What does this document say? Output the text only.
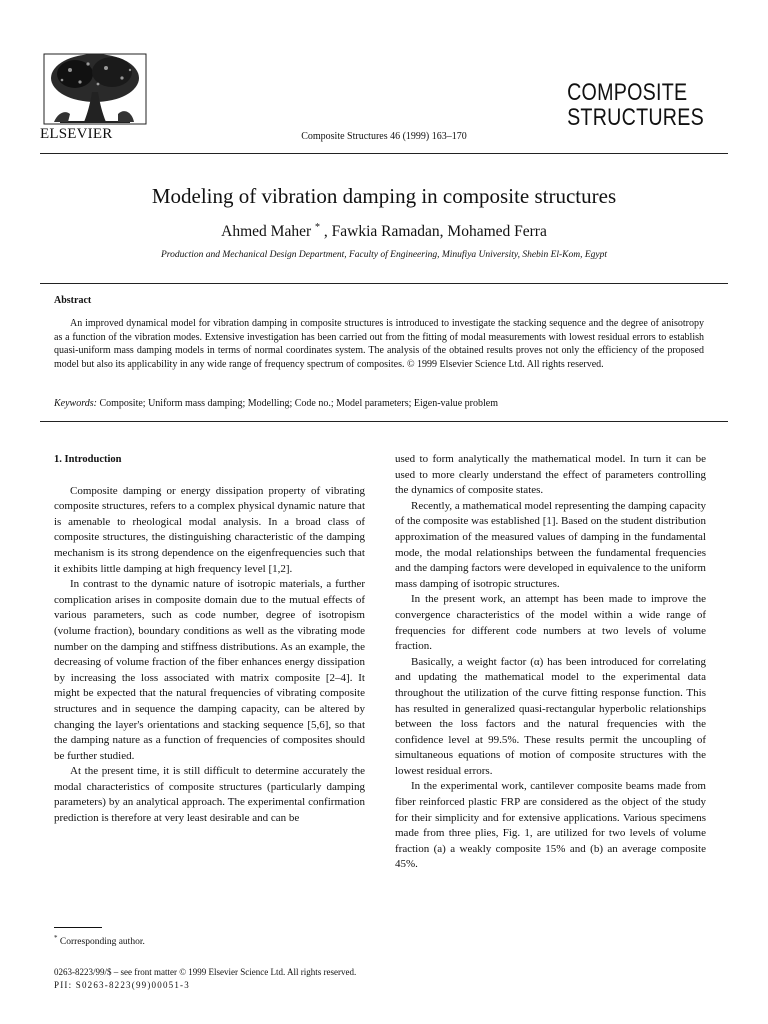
ELSEVIER	Composite Structures 46 (1999) 163–170
COMPOSITE
STRUCTURES
Modeling of vibration damping in composite structures
Ahmed Maher * , Fawkia Ramadan, Mohamed Ferra
Production and Mechanical Design Department, Faculty of Engineering, Minufiya University, Shebin El-Kom, Egypt
Abstract
An improved dynamical model for vibration damping in composite structures is introduced to investigate the stacking sequence and the degree of anisotropy as a function of the vibration modes. Extensive investigation has been carried out from the fitting of modal measurements with lowest residual errors to establish quasi-uniform mass damping models in terms of normal coordinates system. The analysis of the obtained results proves not only the efficiency of the proposed model but also its applicability in any wide range of frequency spectrum of composites. © 1999 Elsevier Science Ltd. All rights reserved.
Keywords: Composite; Uniform mass damping; Modelling; Code no.; Model parameters; Eigen-value problem

1. Introduction

Composite damping or energy dissipation property of vibrating composite structures, refers to a complex physical dynamic nature that is amenable to rheological modal analysis. In a broad class of composite structures, the distinguishing characteristic of the damping mechanism is its strong dependence on the eigenfrequencies such that it exhibits little damping at high frequency level [1,2].

In contrast to the dynamic nature of isotropic materials, a further complication arises in composite domain due to the mutual effects of various parameters, such as code number, degree of isotropism (volume fraction), boundary conditions as well as the vibrating mode number on the damping and stiffness distributions. As an example, the decreasing of volume fraction of the fiber enhances energy dissipation by increasing the loss associated with matrix composite [2–4]. It might be expected that the natural frequencies of vibrating composite structures and in sequence the damping capacity, can be altered by changing the layer's orientations and stacking sequence [5,6], so that the damping nature as a function of frequencies of composites should be further studied.

At the present time, it is still difficult to determine accurately the modal characteristics of composite structures (particularly damping parameters) by an analytical approach. The experimental confirmation prediction is therefore at very least desirable and can be

used to form analytically the mathematical model. In turn it can be used to more clearly understand the effect of parameters controlling the dynamics of composite states.

Recently, a mathematical model representing the damping capacity of the composite was established [1]. Based on the student distribution approximation of the measured values of damping in the fundamental mode, the modal relationships between the fundamental frequencies and the damping factors were developed in equivalence to the uniform mass damping of isotropic structures.

In the present work, an attempt has been made to improve the convergence characteristics of the model within a wide range of frequencies for different code numbers at two levels of volume fraction.

Basically, a weight factor (α) has been introduced for correlating and updating the mathematical model to the experimental data throughout the utilization of the curve fitting response function. This has resulted in generalized quasi-rectangular hyperbolic relationships between the loss factors and the natural frequencies with the confidence level at 99.5%. These results permit the uncoupling of simultaneous equations of motion of composite structures with the lowest residual errors.

In the experimental work, cantilever composite beams made from fiber reinforced plastic FRP are considered as the object of the study for their simplicity and for extensive applications. Various specimens made from three plies, Fig. 1, are utilized for two levels of volume fraction (a) a weakly composite 15% and (b) an average composite 45%.

* Corresponding author.
0263-8223/99/$ – see front matter © 1999 Elsevier Science Ltd. All rights reserved.
PII: S0263-8223(99)00051-3
